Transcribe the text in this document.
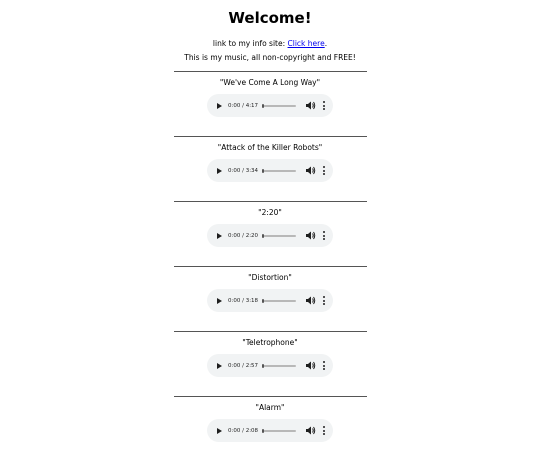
Welcome!
link to my info site: Click here.
This is my music, all non-copyright and FREE!
"We've Come A Long Way"
0:00 / 4:17
"Attack of the Killer Robots"
0:00 / 3:34
"2:20"
0:00 / 2:20
"Distortion"
0:00 / 3:18
"Teletrophone"
0:00 / 2:57
"Alarm"
0:00 / 2:08
